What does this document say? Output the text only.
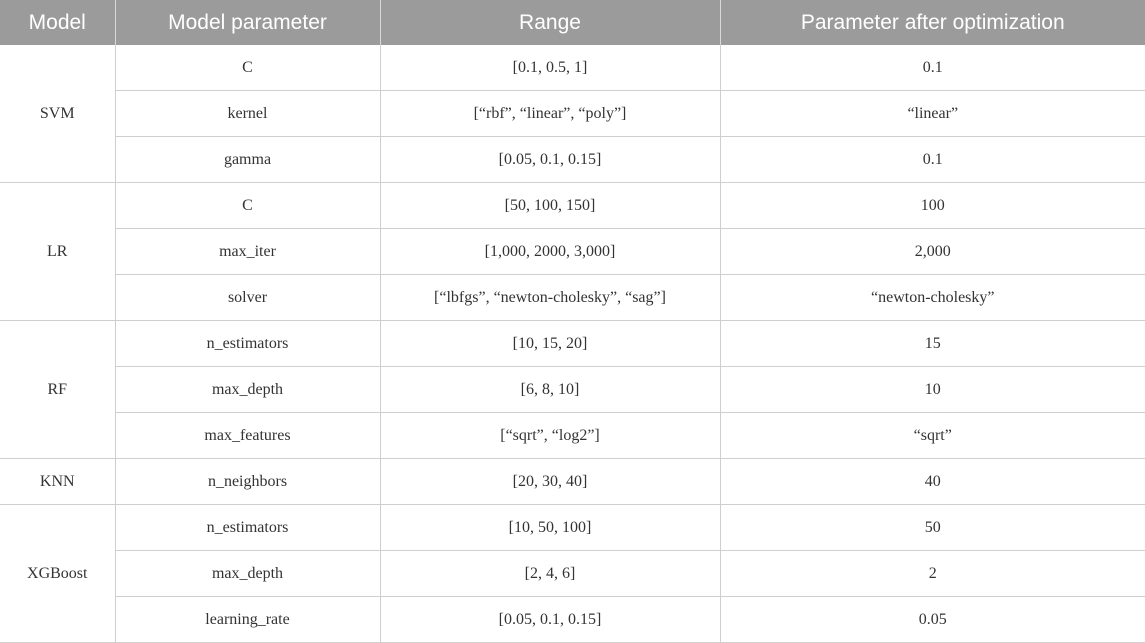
Model	Model parameter	Range	Parameter after optimization
SVM	C	[0.1, 0.5, 1]	0.1
	kernel	[“rbf”, “linear”, “poly”]	“linear”
	gamma	[0.05, 0.1, 0.15]	0.1
LR	C	[50, 100, 150]	100
	max_iter	[1,000, 2000, 3,000]	2,000
	solver	[“lbfgs”, “newton-cholesky”, “sag”]	“newton-cholesky”
RF	n_estimators	[10, 15, 20]	15
	max_depth	[6, 8, 10]	10
	max_features	[“sqrt”, “log2”]	“sqrt”
KNN	n_neighbors	[20, 30, 40]	40
XGBoost	n_estimators	[10, 50, 100]	50
	max_depth	[2, 4, 6]	2
	learning_rate	[0.05, 0.1, 0.15]	0.05
